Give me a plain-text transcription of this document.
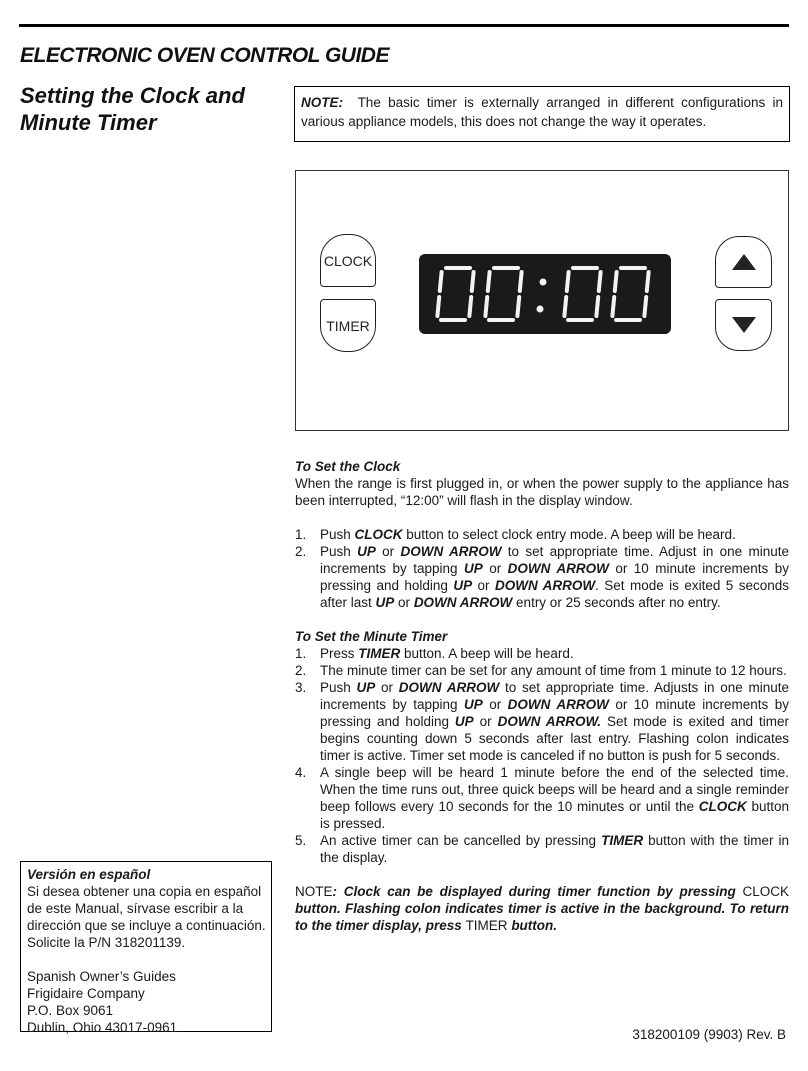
ELECTRONIC OVEN CONTROL GUIDE
Setting the Clock and
Minute Timer
NOTE: The basic timer is externally arranged in different configurations in various appliance models, this does not change the way it operates.
CLOCK
TIMER

To Set the Clock

When the range is first plugged in, or when the power supply to the appliance has been interrupted, “12:00” will flash in the display window.

1. Push CLOCK button to select clock entry mode. A beep will be heard.
2. Push UP or DOWN ARROW to set appropriate time. Adjust in one minute increments by tapping UP or DOWN ARROW or 10 minute increments by pressing and holding UP or DOWN ARROW. Set mode is exited 5 seconds after last UP or DOWN ARROW entry or 25 seconds after no entry.

To Set the Minute Timer

1. Press TIMER button. A beep will be heard.
2. The minute timer can be set for any amount of time from 1 minute to 12 hours.
3. Push UP or DOWN ARROW to set appropriate time. Adjusts in one minute increments by tapping UP or DOWN ARROW or 10 minute increments by pressing and holding UP or DOWN ARROW. Set mode is exited and timer begins counting down 5 seconds after last entry. Flashing colon indicates timer is active. Timer set mode is canceled if no button is push for 5 seconds.
4. A single beep will be heard 1 minute before the end of the selected time. When the time runs out, three quick beeps will be heard and a single reminder beep follows every 10 seconds for the 10 minutes or until the CLOCK button is pressed.
5. An active timer can be cancelled by pressing TIMER button with the timer in the display.

NOTE: Clock can be displayed during timer function by pressing CLOCK button. Flashing colon indicates timer is active in the background. To return to the timer display, press TIMER button.

Versión en español
Si desea obtener una copia en español
de este Manual, sírvase escribir a la
dirección que se incluye a continuación.
Solicite la P/N 318201139.
Spanish Owner’s Guides
Frigidaire Company
P.O. Box 9061
Dublin, Ohio 43017-0961	318200109 (9903) Rev. B
